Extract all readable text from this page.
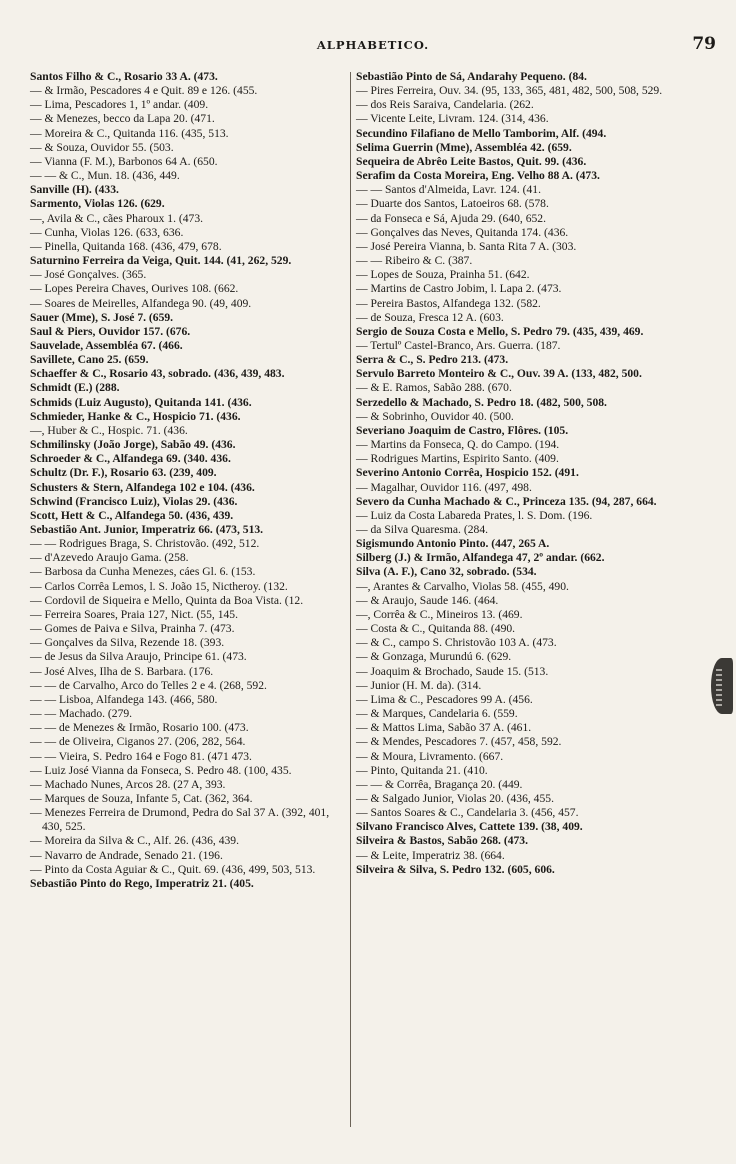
ALPHABETICO.	79

Santos Filho & C., Rosario 33 A. (473.

— & Irmão, Pescadores 4 e Quit. 89 e 126. (455.

— Lima, Pescadores 1, 1º andar. (409.

— & Menezes, becco da Lapa 20. (471.

— Moreira & C., Quitanda 116. (435, 513.

— & Souza, Ouvidor 55. (503.

— Vianna (F. M.), Barbonos 64 A. (650.

— — & C., Mun. 18. (436, 449.

Sanville (H). (433.

Sarmento, Violas 126. (629.

—, Avila & C., cães Pharoux 1. (473.

— Cunha, Violas 126. (633, 636.

— Pinella, Quitanda 168. (436, 479, 678.

Saturnino Ferreira da Veiga, Quit. 144. (41, 262, 529.

— José Gonçalves. (365.

— Lopes Pereira Chaves, Ourives 108. (662.

— Soares de Meirelles, Alfandega 90. (49, 409.

Sauer (Mme), S. José 7. (659.

Saul & Piers, Ouvidor 157. (676.

Sauvelade, Assembléa 67. (466.

Savillete, Cano 25. (659.

Schaeffer & C., Rosario 43, sobrado. (436, 439, 483.

Schmidt (E.) (288.

Schmids (Luiz Augusto), Quitanda 141. (436.

Schmieder, Hanke & C., Hospicio 71. (436.

—, Huber & C., Hospic. 71. (436.

Schmilinsky (João Jorge), Sabão 49. (436.

Schroeder & C., Alfandega 69. (340. 436.

Schultz (Dr. F.), Rosario 63. (239, 409.

Schusters & Stern, Alfandega 102 e 104. (436.

Schwind (Francisco Luiz), Violas 29. (436.

Scott, Hett & C., Alfandega 50. (436, 439.

Sebastião Ant. Junior, Imperatriz 66. (473, 513.

— — Rodrigues Braga, S. Christovão. (492, 512.

— d'Azevedo Araujo Gama. (258.

— Barbosa da Cunha Menezes, cáes Gl. 6. (153.

— Carlos Corrêa Lemos, l. S. João 15, Nictheroy. (132.

— Cordovil de Siqueira e Mello, Quinta da Boa Vista. (12.

— Ferreira Soares, Praia 127, Nict. (55, 145.

— Gomes de Paiva e Silva, Prainha 7. (473.

— Gonçalves da Silva, Rezende 18. (393.

— de Jesus da Silva Araujo, Principe 61. (473.

— José Alves, Ilha de S. Barbara. (176.

— — de Carvalho, Arco do Telles 2 e 4. (268, 592.

— — Lisboa, Alfandega 143. (466, 580.

— — Machado. (279.

— — de Menezes & Irmão, Rosario 100. (473.

— — de Oliveira, Ciganos 27. (206, 282, 564.

— — Vieira, S. Pedro 164 e Fogo 81. (471 473.

— Luiz José Vianna da Fonseca, S. Pedro 48. (100, 435.

— Machado Nunes, Arcos 28. (27 A, 393.

— Marques de Souza, Infante 5, Cat. (362, 364.

— Menezes Ferreira de Drumond, Pedra do Sal 37 A. (392, 401, 430, 525.

— Moreira da Silva & C., Alf. 26. (436, 439.

— Navarro de Andrade, Senado 21. (196.

— Pinto da Costa Aguiar & C., Quit. 69. (436, 499, 503, 513.

Sebastião Pinto do Rego, Imperatriz 21. (405.

Sebastião Pinto de Sá, Andarahy Pequeno. (84.

— Pires Ferreira, Ouv. 34. (95, 133, 365, 481, 482, 500, 508, 529.

— dos Reis Saraiva, Candelaria. (262.

— Vicente Leite, Livram. 124. (314, 436.

Secundino Filafiano de Mello Tamborim, Alf. (494.

Selima Guerrin (Mme), Assembléa 42. (659.

Sequeira de Abrêo Leite Bastos, Quit. 99. (436.

Serafim da Costa Moreira, Eng. Velho 88 A. (473.

— — Santos d'Almeida, Lavr. 124. (41.

— Duarte dos Santos, Latoeiros 68. (578.

— da Fonseca e Sá, Ajuda 29. (640, 652.

— Gonçalves das Neves, Quitanda 174. (436.

— José Pereira Vianna, b. Santa Rita 7 A. (303.

— — Ribeiro & C. (387.

— Lopes de Souza, Prainha 51. (642.

— Martins de Castro Jobim, l. Lapa 2. (473.

— Pereira Bastos, Alfandega 132. (582.

— de Souza, Fresca 12 A. (603.

Sergio de Souza Costa e Mello, S. Pedro 79. (435, 439, 469.

— Tertulº Castel-Branco, Ars. Guerra. (187.

Serra & C., S. Pedro 213. (473.

Servulo Barreto Monteiro & C., Ouv. 39 A. (133, 482, 500.

— & E. Ramos, Sabão 288. (670.

Serzedello & Machado, S. Pedro 18. (482, 500, 508.

— & Sobrinho, Ouvidor 40. (500.

Severiano Joaquim de Castro, Flôres. (105.

— Martins da Fonseca, Q. do Campo. (194.

— Rodrigues Martins, Espirito Santo. (409.

Severino Antonio Corrêa, Hospicio 152. (491.

— Magalhar, Ouvidor 116. (497, 498.

Severo da Cunha Machado & C., Princeza 135. (94, 287, 664.

— Luiz da Costa Labareda Prates, l. S. Dom. (196.

— da Silva Quaresma. (284.

Sigismundo Antonio Pinto. (447, 265 A.

Silberg (J.) & Irmão, Alfandega 47, 2º andar. (662.

Silva (A. F.), Cano 32, sobrado. (534.

—, Arantes & Carvalho, Violas 58. (455, 490.

— & Araujo, Saude 146. (464.

—, Corrêa & C., Mineiros 13. (469.

— Costa & C., Quitanda 88. (490.

— & C., campo S. Christovão 103 A. (473.

— & Gonzaga, Murundú 6. (629.

— Joaquim & Brochado, Saude 15. (513.

— Junior (H. M. da). (314.

— Lima & C., Pescadores 99 A. (456.

— & Marques, Candelaria 6. (559.

— & Mattos Lima, Sabão 37 A. (461.

— & Mendes, Pescadores 7. (457, 458, 592.

— & Moura, Livramento. (667.

— Pinto, Quitanda 21. (410.

— — & Corrêa, Bragança 20. (449.

— & Salgado Junior, Violas 20. (436, 455.

— Santos Soares & C., Candelaria 3. (456, 457.

Silvano Francisco Alves, Cattete 139. (38, 409.

Silveira & Bastos, Sabão 268. (473.

— & Leite, Imperatriz 38. (664.

Silveira & Silva, S. Pedro 132. (605, 606.
